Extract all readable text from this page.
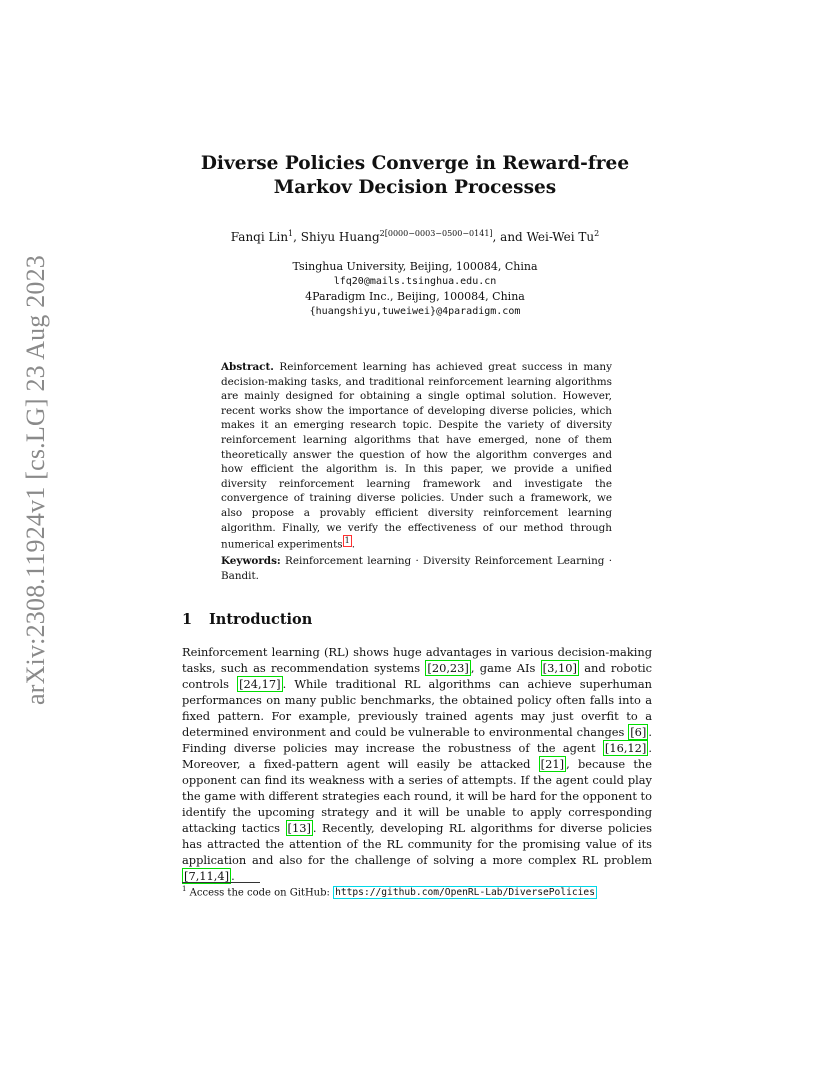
arXiv:2308.11924v1 [cs.LG] 23 Aug 2023
Diverse Policies Converge in Reward-free
Markov Decision Processes
Fanqi Lin$^1$, Shiyu Huang$^{2[0000-0003-0500-0141]}$, and Wei-Wei Tu$^2$
Tsinghua University, Beijing, 100084, China
lfq20@mails.tsinghua.edu.cn
4Paradigm Inc., Beijing, 100084, China
{huangshiyu,tuweiwei}@4paradigm.com
Abstract. Reinforcement learning has achieved great success in many decision-making tasks, and traditional reinforcement learning algorithms are mainly designed for obtaining a single optimal solution. However, recent works show the importance of developing diverse policies, which makes it an emerging research topic. Despite the variety of diversity reinforcement learning algorithms that have emerged, none of them theoretically answer the question of how the algorithm converges and how efficient the algorithm is. In this paper, we provide a unified diversity reinforcement learning framework and investigate the convergence of training diverse policies. Under such a framework, we also propose a provably efficient diversity reinforcement learning algorithm. Finally, we verify the effectiveness of our method through numerical experiments 1 .
Keywords: Reinforcement learning · Diversity Reinforcement Learning · Bandit.
1 Introduction
Reinforcement learning (RL) shows huge advantages in various decision-making tasks, such as recommendation systems [20,23] , game AIs [3,10] and robotic controls [24,17] . While traditional RL algorithms can achieve superhuman performances on many public benchmarks, the obtained policy often falls into a fixed pattern. For example, previously trained agents may just overfit to a determined environment and could be vulnerable to environmental changes [6] . Finding diverse policies may increase the robustness of the agent [16,12] . Moreover, a fixed-pattern agent will easily be attacked [21] , because the opponent can find its weakness with a series of attempts. If the agent could play the game with different strategies each round, it will be hard for the opponent to identify the upcoming strategy and it will be unable to apply corresponding attacking tactics [13] . Recently, developing RL algorithms for diverse policies has attracted the attention of the RL community for the promising value of its application and also for the challenge of solving a more complex RL problem [7,11,4] .
$^1$ Access the code on GitHub: https://github.com/OpenRL-Lab/DiversePolicies
